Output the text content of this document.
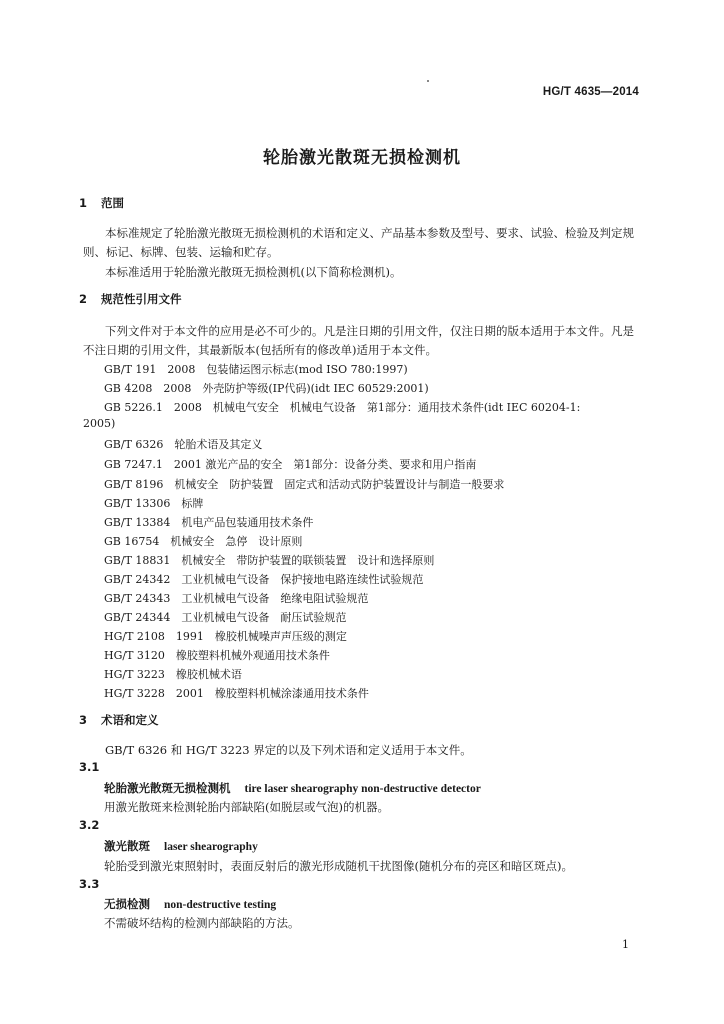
HG/T 4635—2014
轮胎激光散斑无损检测机
1 范围
本标准规定了轮胎激光散斑无损检测机的术语和定义、产品基本参数及型号、要求、试验、检验及判定规则、标记、标牌、包装、运输和贮存。
本标准适用于轮胎激光散斑无损检测机(以下简称检测机)。
2 规范性引用文件
下列文件对于本文件的应用是必不可少的。凡是注日期的引用文件，仅注日期的版本适用于本文件。凡是不注日期的引用文件，其最新版本(包括所有的修改单)适用于本文件。
GB/T 191　2008　包装储运图示标志(mod ISO 780:1997)
GB 4208　2008　外壳防护等级(IP代码)(idt IEC 60529:2001)
GB 5226.1　2008　机械电气安全　机械电气设备　第1部分：通用技术条件(idt IEC 60204-1:
2005)
GB/T 6326　轮胎术语及其定义
GB 7247.1　2001 激光产品的安全　第1部分：设备分类、要求和用户指南
GB/T 8196　机械安全　防护装置　固定式和活动式防护装置设计与制造一般要求
GB/T 13306　标牌
GB/T 13384　机电产品包装通用技术条件
GB 16754　机械安全　急停　设计原则
GB/T 18831　机械安全　带防护装置的联锁装置　设计和选择原则
GB/T 24342　工业机械电气设备　保护接地电路连续性试验规范
GB/T 24343　工业机械电气设备　绝缘电阻试验规范
GB/T 24344　工业机械电气设备　耐压试验规范
HG/T 2108　1991　橡胶机械噪声声压级的测定
HG/T 3120　橡胶塑料机械外观通用技术条件
HG/T 3223　橡胶机械术语
HG/T 3228　2001　橡胶塑料机械涂漆通用技术条件
3 术语和定义
GB/T 6326 和 HG/T 3223 界定的以及下列术语和定义适用于本文件。
3.1
轮胎激光散斑无损检测机 tire laser shearography non-destructive detector
用激光散斑来检测轮胎内部缺陷(如脱层或气泡)的机器。
3.2
激光散斑 laser shearography
轮胎受到激光束照射时，表面反射后的激光形成随机干扰图像(随机分布的亮区和暗区斑点)。
3.3
无损检测 non-destructive testing
不需破坏结构的检测内部缺陷的方法。
1
